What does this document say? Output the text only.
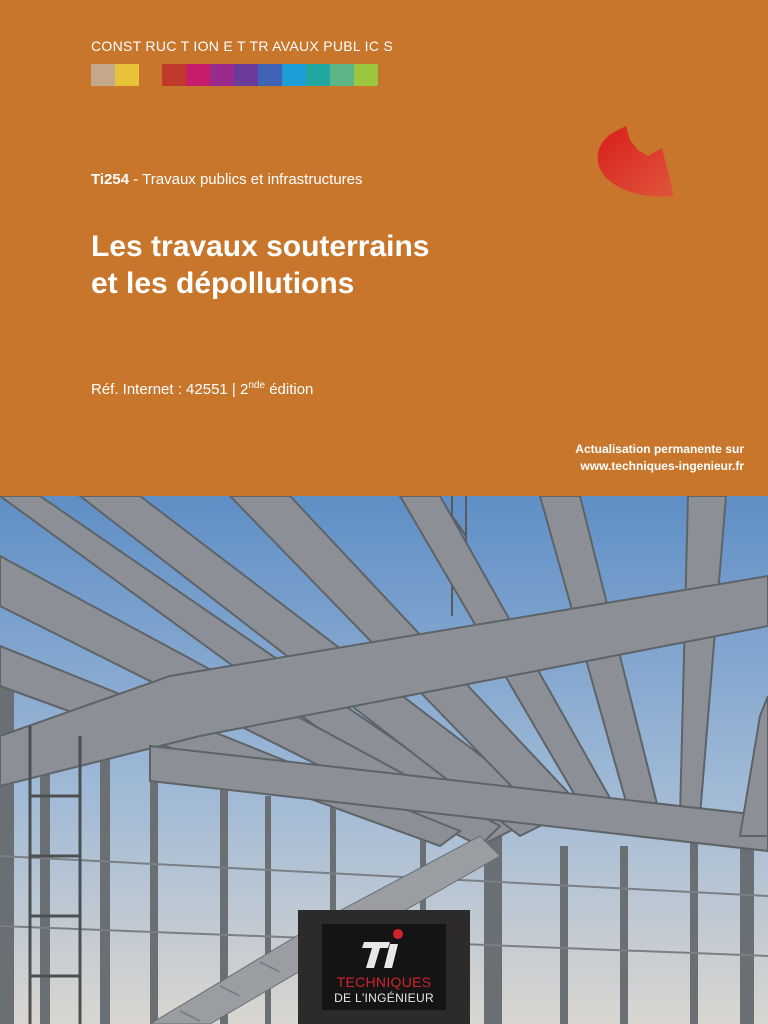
CONST RUC T ION E T TR AVAUX PUBL IC S
Ti254 - Travaux publics et infrastructures
Les travaux souterrains
et les dépollutions
Réf. Internet : 42551 | 2nde édition
Actualisation permanente sur
www.techniques-ingenieur.fr
TECHNIQUES
DE L'INGÉNIEUR
